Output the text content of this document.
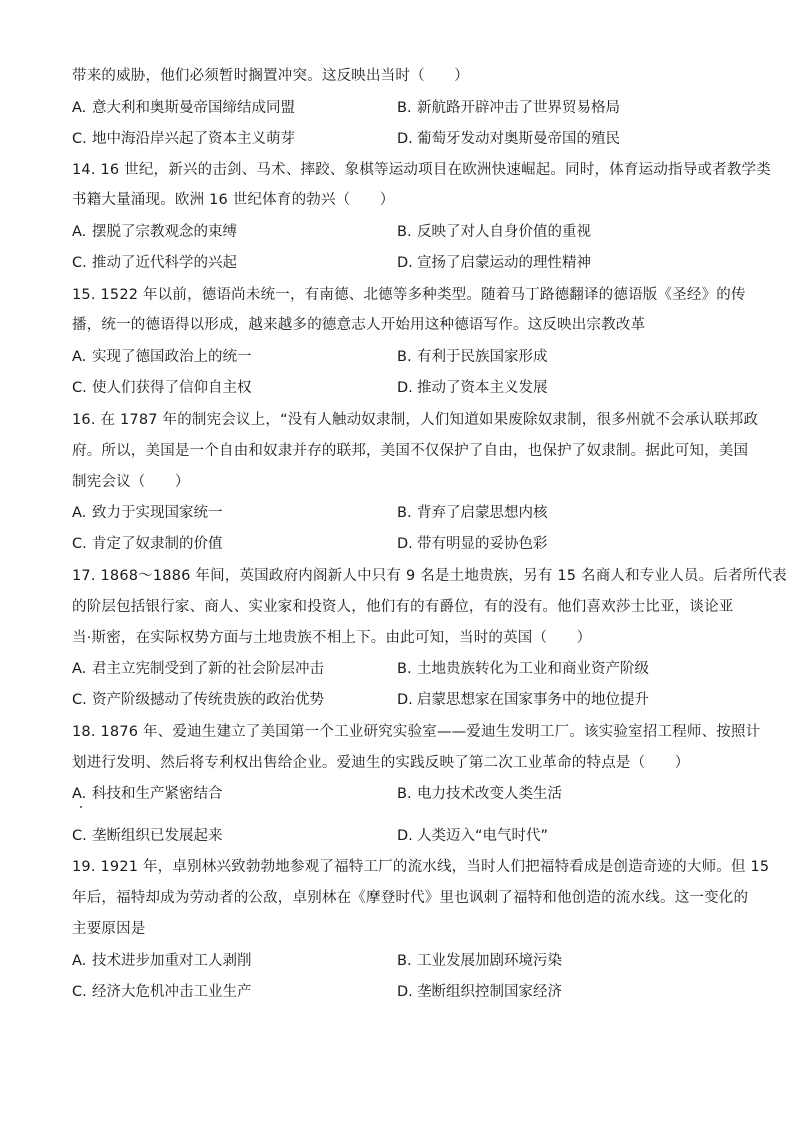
带来的威胁，他们必须暂时搁置冲突。这反映出当时（　　）
A. 意大利和奥斯曼帝国缔结成同盟	B. 新航路开辟冲击了世界贸易格局
C. 地中海沿岸兴起了资本主义萌芽	D. 葡萄牙发动对奥斯曼帝国的殖民
14. 16 世纪，新兴的击剑、马术、摔跤、象棋等运动项目在欧洲快速崛起。同时，体育运动指导或者教学类
书籍大量涌现。欧洲 16 世纪体育的勃兴（　　）
A. 摆脱了宗教观念的束缚	B. 反映了对人自身价值的重视
C. 推动了近代科学的兴起	D. 宣扬了启蒙运动的理性精神
15. 1522 年以前，德语尚未统一，有南德、北德等多种类型。随着马丁路德翻译的德语版《圣经》的传
播，统一的德语得以形成，越来越多的德意志人开始用这种德语写作。这反映出宗教改革
A. 实现了德国政治上的统一	B. 有利于民族国家形成
C. 使人们获得了信仰自主权	D. 推动了资本主义发展
16. 在 1787 年的制宪会议上，“没有人触动奴隶制，人们知道如果废除奴隶制，很多州就不会承认联邦政
府。所以，美国是一个自由和奴隶并存的联邦，美国不仅保护了自由，也保护了奴隶制。据此可知，美国
制宪会议（　　）
A. 致力于实现国家统一	B. 背弃了启蒙思想内核
C. 肯定了奴隶制的价值	D. 带有明显的妥协色彩
17. 1868～1886 年间，英国政府内阁新人中只有 9 名是土地贵族，另有 15 名商人和专业人员。后者所代表
的阶层包括银行家、商人、实业家和投资人，他们有的有爵位，有的没有。他们喜欢莎士比亚，谈论亚
当·斯密，在实际权势方面与土地贵族不相上下。由此可知，当时的英国（　　）
A. 君主立宪制受到了新的社会阶层冲击	B. 土地贵族转化为工业和商业资产阶级
C. 资产阶级撼动了传统贵族的政治优势	D. 启蒙思想家在国家事务中的地位提升
18. 1876 年、爱迪生建立了美国第一个工业研究实验室——爱迪生发明工厂。该实验室招工程师、按照计
划进行发明、然后将专利权出售给企业。爱迪生的实践反映了第二次工业革命的特点是（　　）
A. 科技和生产紧密结合	B. 电力技术改变人类生活
C. 垄断组织已发展起来	D. 人类迈入“电气时代”
19. 1921 年，卓别林兴致勃勃地参观了福特工厂的流水线，当时人们把福特看成是创造奇迹的大师。但 15
年后，福特却成为劳动者的公敌，卓别林在《摩登时代》里也讽刺了福特和他创造的流水线。这一变化的
主要原因是
A. 技术进步加重对工人剥削	B. 工业发展加剧环境污染
C. 经济大危机冲击工业生产	D. 垄断组织控制国家经济
